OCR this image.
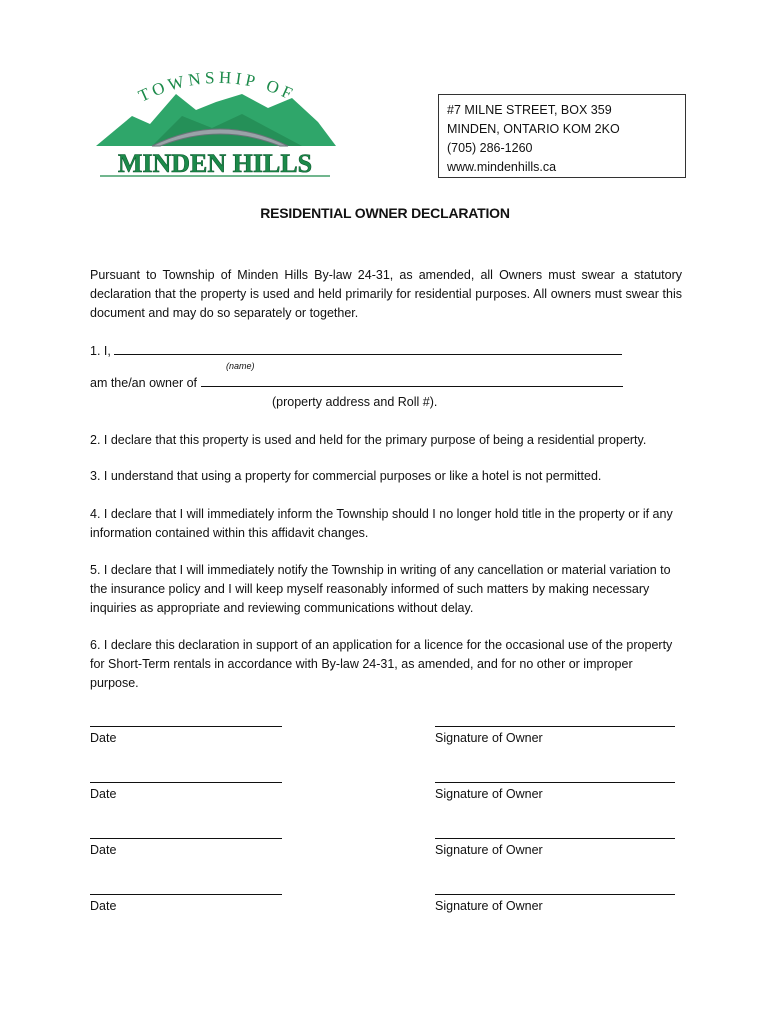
TOWNSHIP OF
MINDEN HILLS
#7 MILNE STREET, BOX 359
MINDEN, ONTARIO KOM 2KO
(705) 286-1260
www.mindenhills.ca
RESIDENTIAL OWNER DECLARATION
Pursuant to Township of Minden Hills By-law 24-31, as amended, all Owners must swear a statutory declaration that the property is used and held primarily for residential purposes. All owners must swear this document and may do so separately or together.
1. I,
(name)
am the/an owner of
(property address and Roll #).
2. I declare that this property is used and held for the primary purpose of being a residential property.
3. I understand that using a property for commercial purposes or like a hotel is not permitted.
4. I declare that I will immediately inform the Township should I no longer hold title in the property or if any information contained within this affidavit changes.
5. I declare that I will immediately notify the Township in writing of any cancellation or material variation to the insurance policy and I will keep myself reasonably informed of such matters by making necessary inquiries as appropriate and reviewing communications without delay.
6. I declare this declaration in support of an application for a licence for the occasional use of the property for Short-Term rentals in accordance with By-law 24-31, as amended, and for no other or improper purpose.
Date	Signature of Owner
Date	Signature of Owner
Date	Signature of Owner
Date	Signature of Owner
